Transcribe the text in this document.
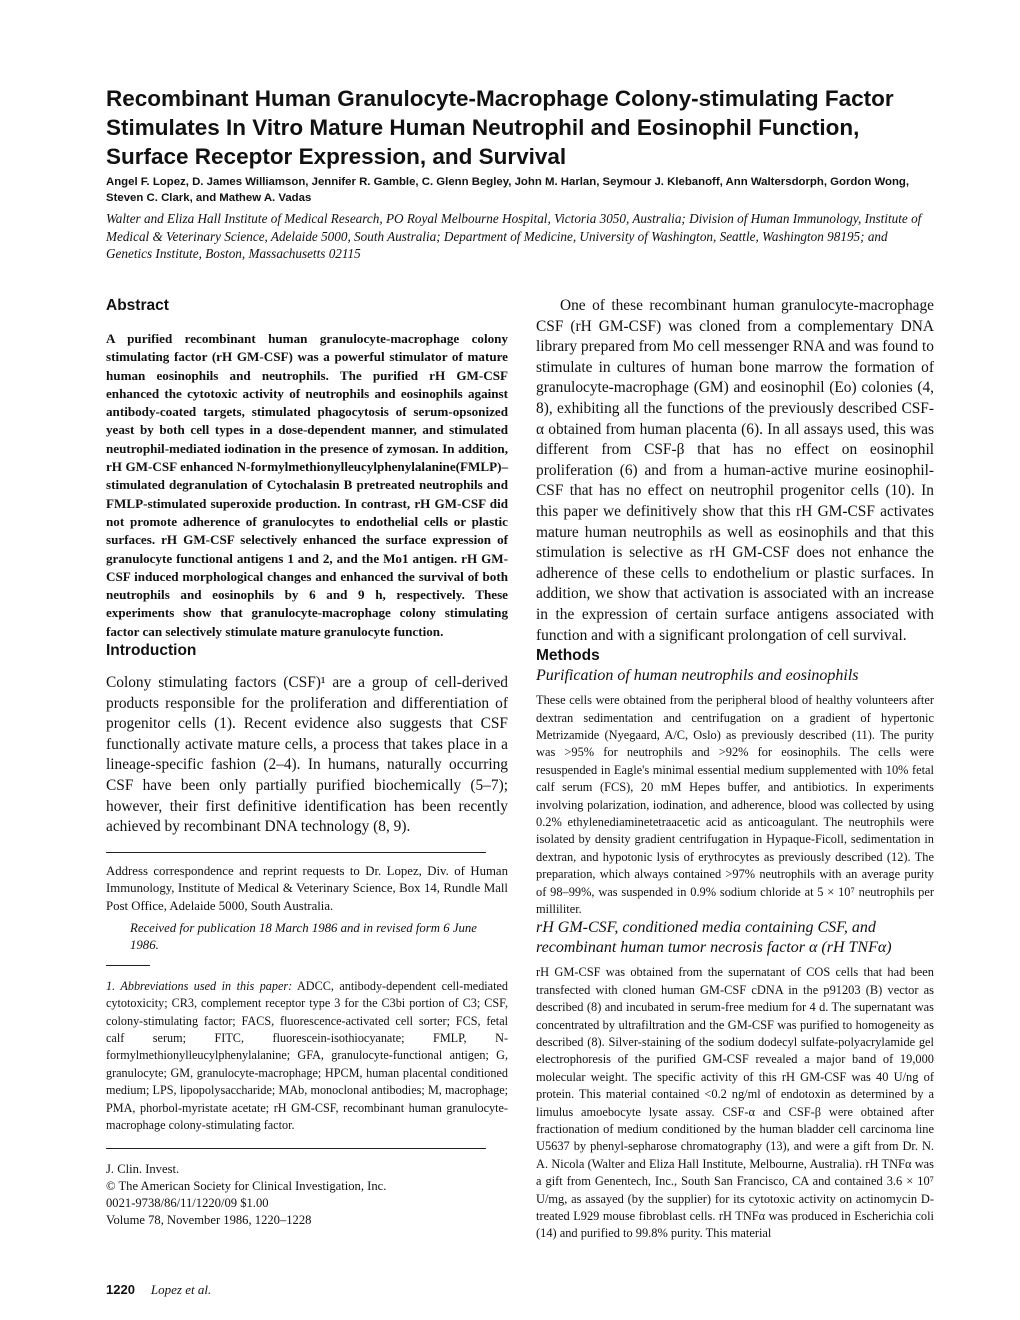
Recombinant Human Granulocyte-Macrophage Colony-stimulating Factor Stimulates In Vitro Mature Human Neutrophil and Eosinophil Function, Surface Receptor Expression, and Survival

Angel F. Lopez, D. James Williamson, Jennifer R. Gamble, C. Glenn Begley, John M. Harlan, Seymour J. Klebanoff, Ann Waltersdorph, Gordon Wong, Steven C. Clark, and Mathew A. Vadas

Walter and Eliza Hall Institute of Medical Research, PO Royal Melbourne Hospital, Victoria 3050, Australia; Division of Human Immunology, Institute of Medical & Veterinary Science, Adelaide 5000, South Australia; Department of Medicine, University of Washington, Seattle, Washington 98195; and Genetics Institute, Boston, Massachusetts 02115

Abstract

A purified recombinant human granulocyte-macrophage colony stimulating factor (rH GM-CSF) was a powerful stimulator of mature human eosinophils and neutrophils. The purified rH GM-CSF enhanced the cytotoxic activity of neutrophils and eosinophils against antibody-coated targets, stimulated phagocytosis of serum-opsonized yeast by both cell types in a dose-dependent manner, and stimulated neutrophil-mediated iodination in the presence of zymosan. In addition, rH GM-CSF enhanced N-formylmethionylleucylphenylalanine(FMLP)–stimulated degranulation of Cytochalasin B pretreated neutrophils and FMLP-stimulated superoxide production. In contrast, rH GM-CSF did not promote adherence of granulocytes to endothelial cells or plastic surfaces. rH GM-CSF selectively enhanced the surface expression of granulocyte functional antigens 1 and 2, and the Mo1 antigen. rH GM-CSF induced morphological changes and enhanced the survival of both neutrophils and eosinophils by 6 and 9 h, respectively. These experiments show that granulocyte-macrophage colony stimulating factor can selectively stimulate mature granulocyte function.

Introduction

Colony stimulating factors (CSF)¹ are a group of cell-derived products responsible for the proliferation and differentiation of progenitor cells (1). Recent evidence also suggests that CSF functionally activate mature cells, a process that takes place in a lineage-specific fashion (2–4). In humans, naturally occurring CSF have been only partially purified biochemically (5–7); however, their first definitive identification has been recently achieved by recombinant DNA technology (8, 9).

Address correspondence and reprint requests to Dr. Lopez, Div. of Human Immunology, Institute of Medical & Veterinary Science, Box 14, Rundle Mall Post Office, Adelaide 5000, South Australia.

Received for publication 18 March 1986 and in revised form 6 June 1986.

1. Abbreviations used in this paper: ADCC, antibody-dependent cell-mediated cytotoxicity; CR3, complement receptor type 3 for the C3bi portion of C3; CSF, colony-stimulating factor; FACS, fluorescence-activated cell sorter; FCS, fetal calf serum; FITC, fluorescein-isothiocyanate; FMLP, N-formylmethionylleucylphenylalanine; GFA, granulocyte-functional antigen; G, granulocyte; GM, granulocyte-macrophage; HPCM, human placental conditioned medium; LPS, lipopolysaccharide; MAb, monoclonal antibodies; M, macrophage; PMA, phorbol-myristate acetate; rH GM-CSF, recombinant human granulocyte-macrophage colony-stimulating factor.

J. Clin. Invest.
© The American Society for Clinical Investigation, Inc.
0021-9738/86/11/1220/09 $1.00
Volume 78, November 1986, 1220–1228
1220 Lopez et al.

One of these recombinant human granulocyte-macrophage CSF (rH GM-CSF) was cloned from a complementary DNA library prepared from Mo cell messenger RNA and was found to stimulate in cultures of human bone marrow the formation of granulocyte-macrophage (GM) and eosinophil (Eo) colonies (4, 8), exhibiting all the functions of the previously described CSF-α obtained from human placenta (6). In all assays used, this was different from CSF-β that has no effect on eosinophil proliferation (6) and from a human-active murine eosinophil-CSF that has no effect on neutrophil progenitor cells (10). In this paper we definitively show that this rH GM-CSF activates mature human neutrophils as well as eosinophils and that this stimulation is selective as rH GM-CSF does not enhance the adherence of these cells to endothelium or plastic surfaces. In addition, we show that activation is associated with an increase in the expression of certain surface antigens associated with function and with a significant prolongation of cell survival.

Methods
Purification of human neutrophils and eosinophils

These cells were obtained from the peripheral blood of healthy volunteers after dextran sedimentation and centrifugation on a gradient of hypertonic Metrizamide (Nyegaard, A/C, Oslo) as previously described (11). The purity was >95% for neutrophils and >92% for eosinophils. The cells were resuspended in Eagle's minimal essential medium supplemented with 10% fetal calf serum (FCS), 20 mM Hepes buffer, and antibiotics. In experiments involving polarization, iodination, and adherence, blood was collected by using 0.2% ethylenediaminetetraacetic acid as anticoagulant. The neutrophils were isolated by density gradient centrifugation in Hypaque-Ficoll, sedimentation in dextran, and hypotonic lysis of erythrocytes as previously described (12). The preparation, which always contained >97% neutrophils with an average purity of 98–99%, was suspended in 0.9% sodium chloride at 5 × 10⁷ neutrophils per milliliter.

rH GM-CSF, conditioned media containing CSF, and recombinant human tumor necrosis factor α (rH TNFα)

rH GM-CSF was obtained from the supernatant of COS cells that had been transfected with cloned human GM-CSF cDNA in the p91203 (B) vector as described (8) and incubated in serum-free medium for 4 d. The supernatant was concentrated by ultrafiltration and the GM-CSF was purified to homogeneity as described (8). Silver-staining of the sodium dodecyl sulfate-polyacrylamide gel electrophoresis of the purified GM-CSF revealed a major band of 19,000 molecular weight. The specific activity of this rH GM-CSF was 40 U/ng of protein. This material contained <0.2 ng/ml of endotoxin as determined by a limulus amoebocyte lysate assay. CSF-α and CSF-β were obtained after fractionation of medium conditioned by the human bladder cell carcinoma line U5637 by phenyl-sepharose chromatography (13), and were a gift from Dr. N. A. Nicola (Walter and Eliza Hall Institute, Melbourne, Australia). rH TNFα was a gift from Genentech, Inc., South San Francisco, CA and contained 3.6 × 10⁷ U/mg, as assayed (by the supplier) for its cytotoxic activity on actinomycin D-treated L929 mouse fibroblast cells. rH TNFα was produced in Escherichia coli (14) and purified to 99.8% purity. This material
